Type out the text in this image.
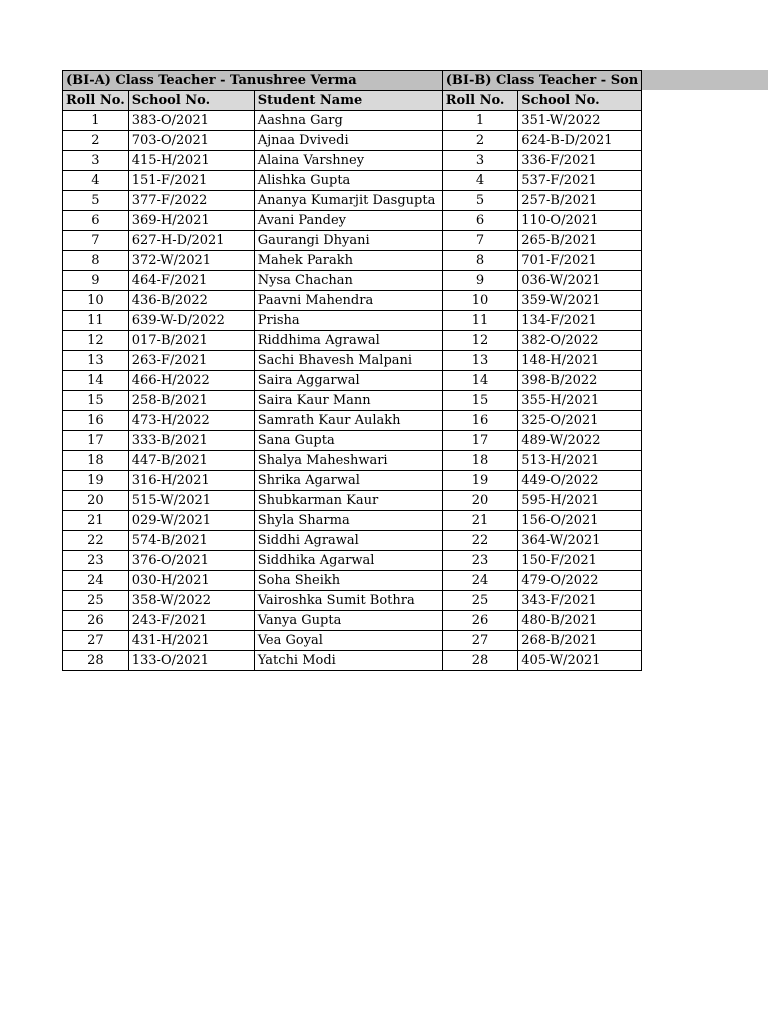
(BI-A) Class Teacher - Tanushree Verma			(BI-B) Class Teacher - Son	
Roll No.	School No.	Student Name	Roll No.	School No.
1	383-O/2021	Aashna Garg	1	351-W/2022
2	703-O/2021	Ajnaa Dvivedi	2	624-B-D/2021
3	415-H/2021	Alaina Varshney	3	336-F/2021
4	151-F/2021	Alishka Gupta	4	537-F/2021
5	377-F/2022	Ananya Kumarjit Dasgupta	5	257-B/2021
6	369-H/2021	Avani Pandey	6	110-O/2021
7	627-H-D/2021	Gaurangi Dhyani	7	265-B/2021
8	372-W/2021	Mahek Parakh	8	701-F/2021
9	464-F/2021	Nysa Chachan	9	036-W/2021
10	436-B/2022	Paavni Mahendra	10	359-W/2021
11	639-W-D/2022	Prisha	11	134-F/2021
12	017-B/2021	Riddhima Agrawal	12	382-O/2022
13	263-F/2021	Sachi Bhavesh Malpani	13	148-H/2021
14	466-H/2022	Saira Aggarwal	14	398-B/2022
15	258-B/2021	Saira Kaur Mann	15	355-H/2021
16	473-H/2022	Samrath Kaur Aulakh	16	325-O/2021
17	333-B/2021	Sana Gupta	17	489-W/2022
18	447-B/2021	Shalya Maheshwari	18	513-H/2021
19	316-H/2021	Shrika Agarwal	19	449-O/2022
20	515-W/2021	Shubkarman Kaur	20	595-H/2021
21	029-W/2021	Shyla Sharma	21	156-O/2021
22	574-B/2021	Siddhi Agrawal	22	364-W/2021
23	376-O/2021	Siddhika Agarwal	23	150-F/2021
24	030-H/2021	Soha Sheikh	24	479-O/2022
25	358-W/2022	Vairoshka Sumit Bothra	25	343-F/2021
26	243-F/2021	Vanya Gupta	26	480-B/2021
27	431-H/2021	Vea Goyal	27	268-B/2021
28	133-O/2021	Yatchi Modi	28	405-W/2021
